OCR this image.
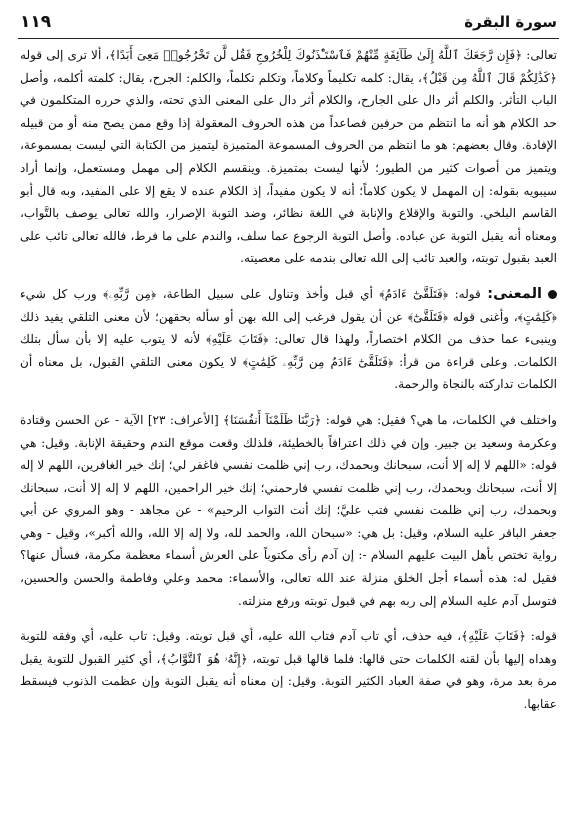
١١٩	سورة البقرة

تعالى: ﴿فَإِن رَّجَعَكَ ٱللَّهُ إِلَىٰ طَآئِفَةٍ مِّنْهُمْ فَٱسْتَـْٔذَنُوكَ لِلْخُرُوجِ فَقُل لَّن تَخْرُجُوا۟ مَعِىَ أَبَدًا﴾، ألا ترى إلى قوله ﴿كَذَٰلِكُمْ قَالَ ٱللَّهُ مِن قَبْلُ﴾، يقال: كلمه تكليماً وكلاماً، وتكلم تكلماً، والكلم: الجرح، يقال: كلمته أكلمه، وأصل الباب التأثر. والكلم أثر دال على الجارح، والكلام أثر دال على المعنى الذي تحته، والذي حرره المتكلمون في حد الكلام هو أنه ما انتظم من حرفين فصاعداً من هذه الحروف المعقولة إذا وقع ممن يصح منه أو من قبيله الإفادة. وقال بعضهم: هو ما انتظم من الحروف المسموعة المتميزة ليتميز من الكتابة التي ليست بمسموعة، ويتميز من أصوات كثير من الطيور؛ لأنها ليست بمتميزة. وينقسم الكلام إلى مهمل ومستعمل، وإنما أراد سيبويه بقوله: إن المهمل لا يكون كلاماً؛ أنه لا يكون مفيداً، إذ الكلام عنده لا يقع إلا على المفيد، وبه قال أبو القاسم البلخي. والتوبة والإقلاع والإنابة في اللغة نظائر، وضد التوبة الإصرار، والله تعالى يوصف بالتَّواب، ومعناه أنه يقبل التوبة عن عباده. وأصل التوبة الرجوع عما سلف، والندم على ما فرط، فالله تعالى تائب على العبد بقبول توبته، والعبد تائب إلى الله تعالى بندمه على معصيته.

المعنى: قوله: ﴿فَتَلَقَّىٰٓ ءَادَمُ﴾ أي قبل وأخذ وتناول على سبيل الطاعة، ﴿مِن رَّبِّهِۦ﴾ ورب كل شيء ﴿كَلِمَٰتٍ﴾، وأغنى قوله ﴿فَتَلَقَّىٰٓ﴾ عن أن يقول فرغب إلى الله بهن أو سأله بحقهن؛ لأن معنى التلقي يفيد ذلك وينبىء عما حذف من الكلام اختصاراً، ولهذا قال تعالى: ﴿فَتَابَ عَلَيْهِ﴾ لأنه لا يتوب عليه إلا بأن سأل بتلك الكلمات. وعلى قراءة من قرأ: ﴿فَتَلَقَّىٰٓ ءَادَمُ مِن رَّبِّهِۦ كَلِمَٰتٍ﴾ لا يكون معنى التلقي القبول، بل معناه أن الكلمات تداركته بالنجاة والرحمة.

واختلف في الكلمات، ما هي؟ فقيل: هي قوله: ﴿رَبَّنَا ظَلَمْنَآ أَنفُسَنَا﴾ [الأعراف: ٢٣] الآية - عن الحسن وقتادة وعكرمة وسعيد بن جبير. وإن في ذلك اعترافاً بالخطيئة، فلذلك وقعت موقع الندم وحقيقة الإنابة. وقيل: هي قوله: «اللهم لا إله إلا أنت، سبحانك وبحمدك، رب إني ظلمت نفسي فاغفر لي؛ إنك خير الغافرين، اللهم لا إله إلا أنت، سبحانك وبحمدك، رب إني ظلمت نفسي فارحمني؛ إنك خير الراحمين، اللهم لا إله إلا أنت، سبحانك وبحمدك، رب إني ظلمت نفسي فتب عليَّ؛ إنك أنت التواب الرحيم» - عن مجاهد - وهو المروي عن أبي جعفر الباقر عليه السلام، وقيل: بل هي: «سبحان الله، والحمد لله، ولا إله إلا الله، والله أكبر»، وقيل - وهي رواية تختص بأهل البيت عليهم السلام -: إن آدم رأى مكتوباً على العرش أسماء معظمة مكرمة، فسأل عنها؟ فقيل له: هذه أسماء أجل الخلق منزلة عند الله تعالى، والأسماء: محمد وعلي وفاطمة والحسن والحسين، فتوسل آدم عليه السلام إلى ربه بهم في قبول توبته ورفع منزلته.

قوله: ﴿فَتَابَ عَلَيْهِ﴾، فيه حذف، أي تاب آدم فتاب الله عليه، أي قبل توبته. وقيل: تاب عليه، أي وفقه للتوبة وهداه إليها بأن لقنه الكلمات حتى قالها: فلما قالها قبل توبته، ﴿إِنَّهُۥ هُوَ ٱلتَّوَّابُ﴾، أي كثير القبول للتوبة يقبل مرة بعد مرة، وهو في صفة العباد الكثير التوبة. وقيل: إن معناه أنه يقبل التوبة وإن عظمت الذنوب فيسقط عقابها.
